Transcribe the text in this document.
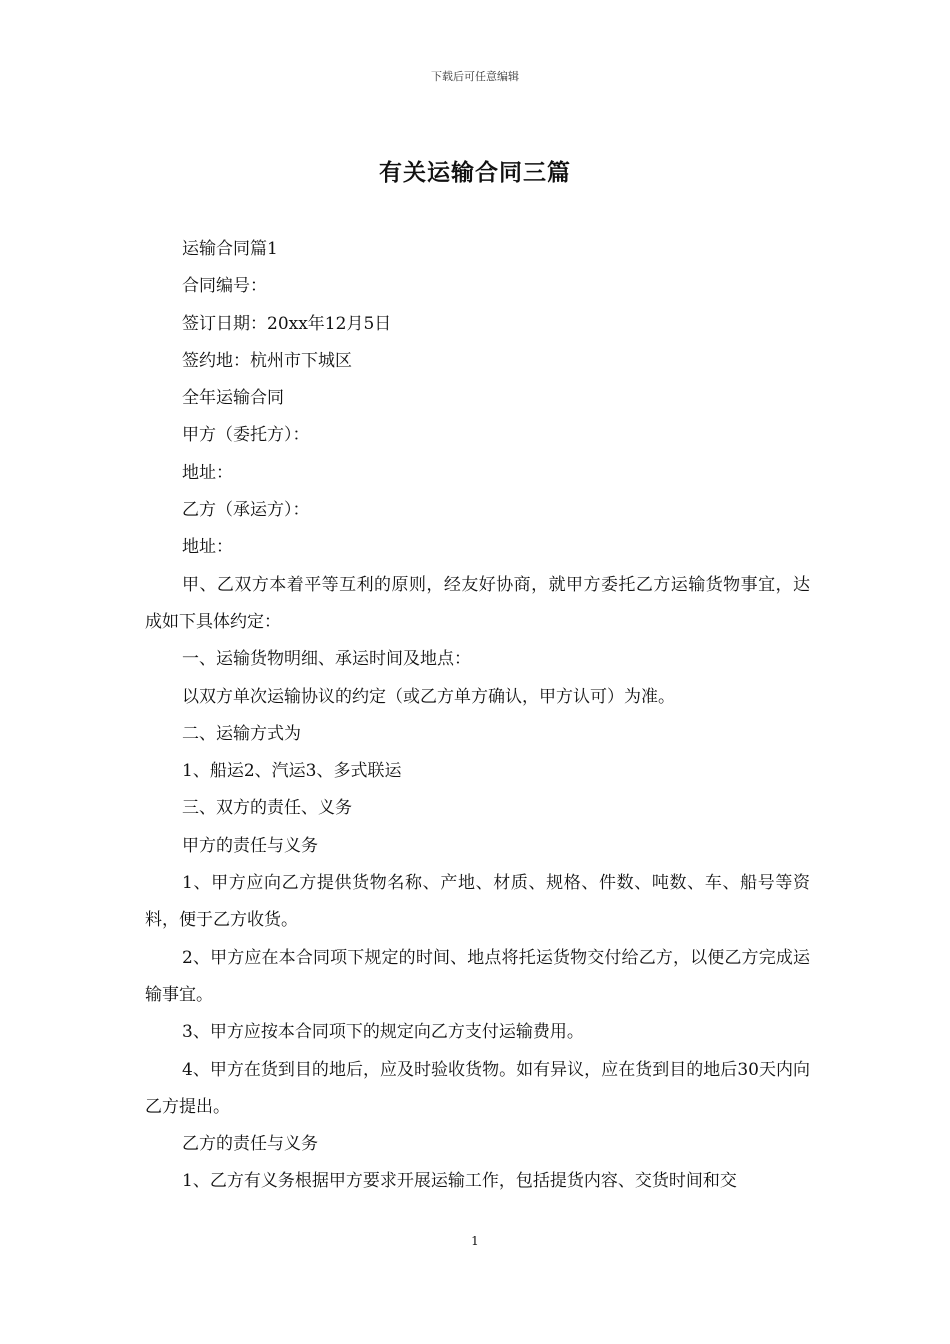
下载后可任意编辑
有关运输合同三篇

运输合同篇1

合同编号：

签订日期：20xx年12月5日

签约地：杭州市下城区

全年运输合同

甲方（委托方）：

地址：

乙方（承运方）：

地址：

甲、乙双方本着平等互利的原则，经友好协商，就甲方委托乙方运输货物事宜，达成如下具体约定：

一、运输货物明细、承运时间及地点：

以双方单次运输协议的约定（或乙方单方确认，甲方认可）为准。

二、运输方式为

1、船运2、汽运3、多式联运

三、双方的责任、义务

甲方的责任与义务

1、甲方应向乙方提供货物名称、产地、材质、规格、件数、吨数、车、船号等资料，便于乙方收货。

2、甲方应在本合同项下规定的时间、地点将托运货物交付给乙方，以便乙方完成运输事宜。

3、甲方应按本合同项下的规定向乙方支付运输费用。

4、甲方在货到目的地后，应及时验收货物。如有异议，应在货到目的地后30天内向乙方提出。

乙方的责任与义务

1、乙方有义务根据甲方要求开展运输工作，包括提货内容、交货时间和交

1
